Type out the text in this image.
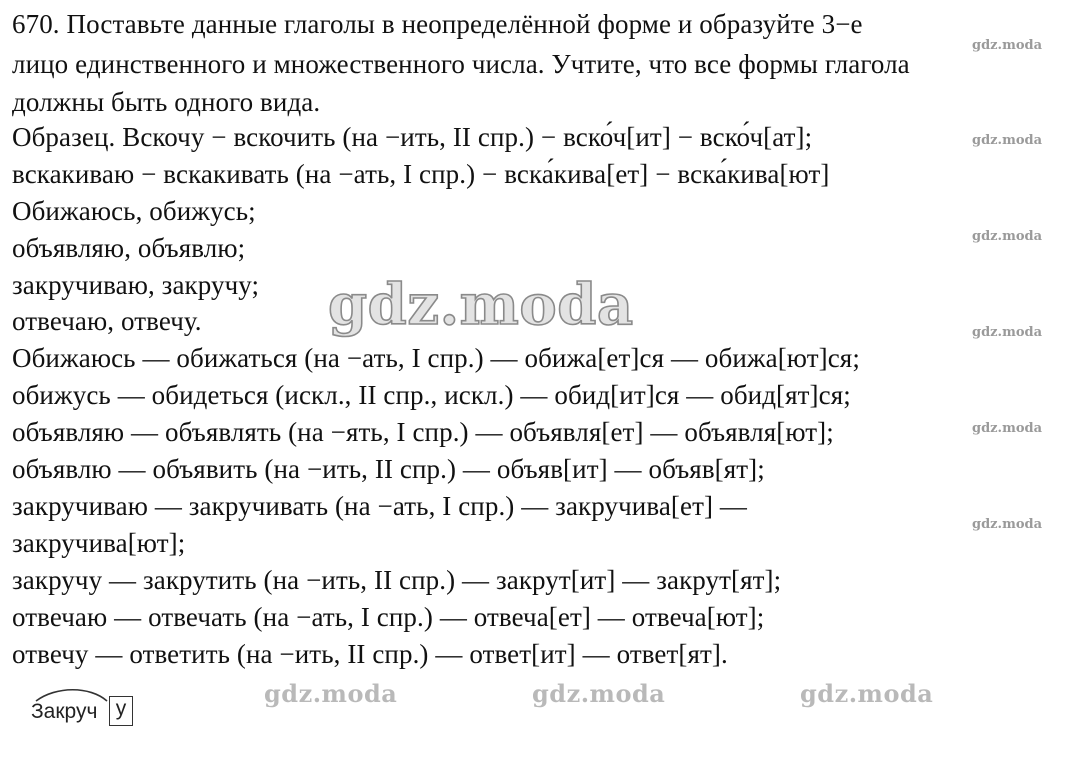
670. Поставьте данные глаголы в неопределённой форме и образуйте 3−е
лицо единственного и множественного числа. Учтите, что все формы глагола
должны быть одного вида.
Образец. Вскочу − вскочить (на −ить, II спр.) − вско́ч[ит] − вско́ч[ат];
вскакиваю − вскакивать (на −ать, I спр.) − вска́кива[ет] − вска́кива[ют]
Обижаюсь, обижусь;
объявляю, объявлю;
закручиваю, закручу;
отвечаю, отвечу.
Обижаюсь — обижаться (на −ать, I спр.) — обижа[ет]ся — обижа[ют]ся;
обижусь — обидеться (искл., II спр., искл.) — обид[ит]ся — обид[ят]ся;
объявляю — объявлять (на −ять, I спр.) — объявля[ет] — объявля[ют];
объявлю — объявить (на −ить, II спр.) — объяв[ит] — объяв[ят];
закручиваю — закручивать (на −ать, I спр.) — закручива[ет] —
закручива[ют];
закручу — закрутить (на −ить, II спр.) — закрут[ит] — закрут[ят];
отвечаю — отвечать (на −ать, I спр.) — отвеча[ет] — отвеча[ют];
отвечу — ответить (на −ить, II спр.) — ответ[ит] — ответ[ят].
gdz.moda
gdz.moda
gdz.moda
gdz.moda
gdz.moda
gdz.moda
gdz.moda
gdz.moda	gdz.moda	gdz.moda
Закруч у
